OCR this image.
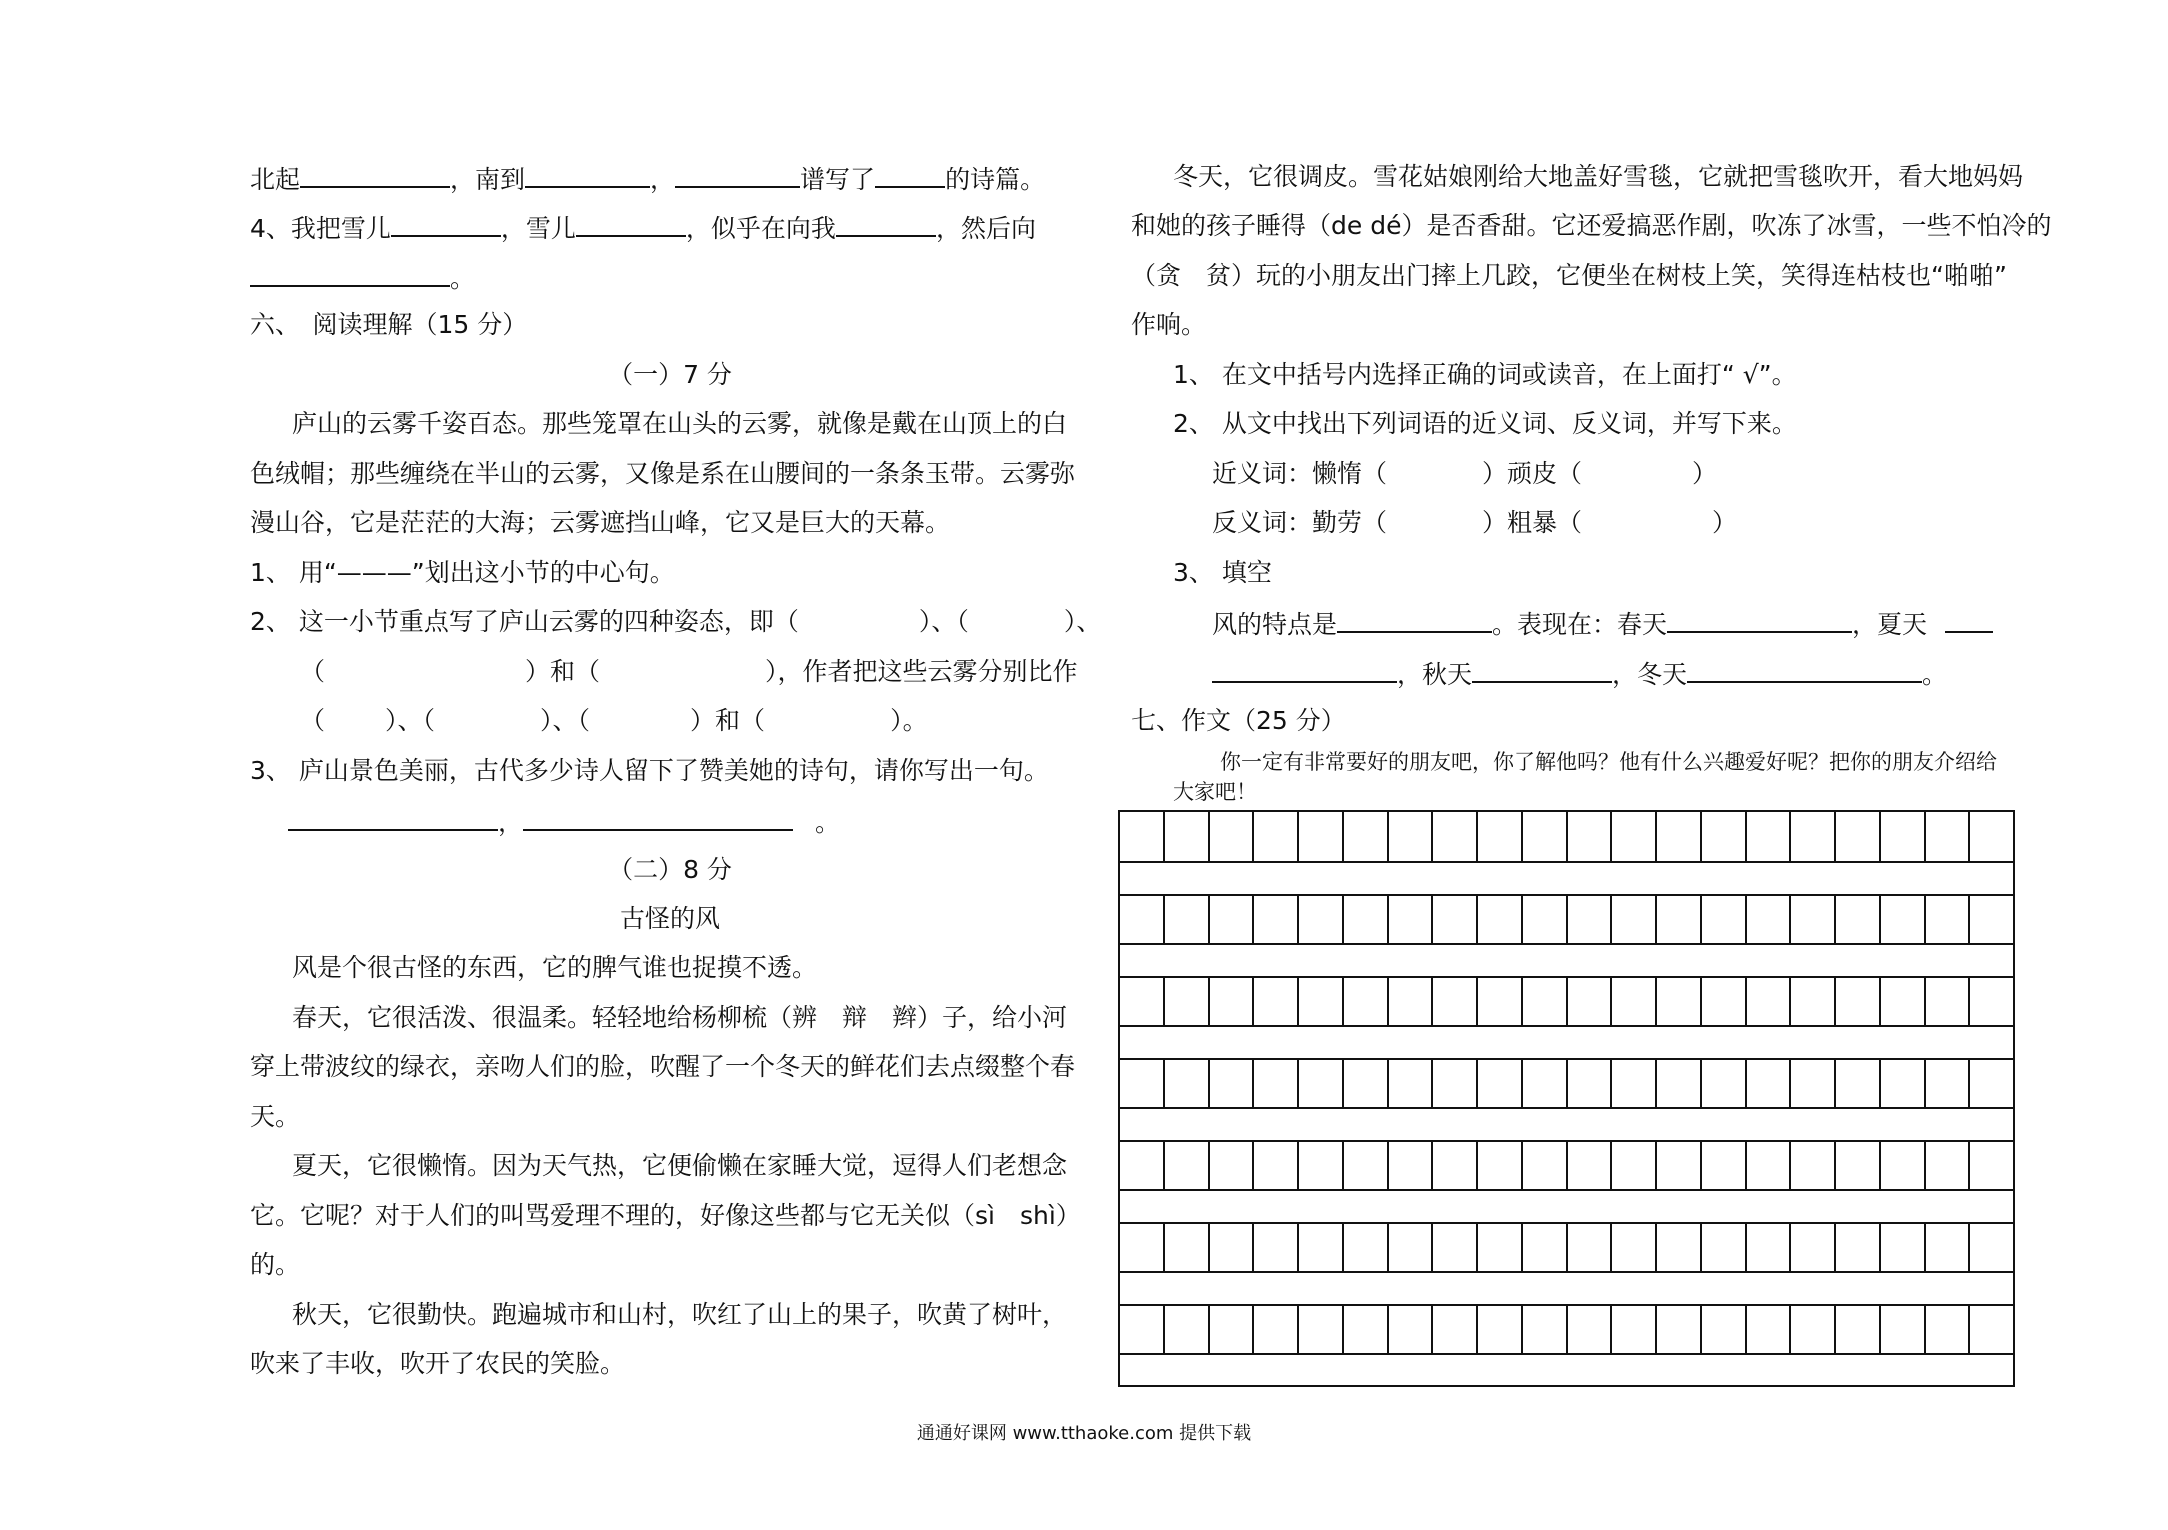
北起	，南到	，	谱写了	的诗篇。
4、我把雪儿	，雪儿	，似乎在向我	，然后向
。
六、　阅读理解（15 分）
（一）7 分
庐山的云雾千姿百态。那些笼罩在山头的云雾，就像是戴在山顶上的白
色绒帽；那些缠绕在半山的云雾，又像是系在山腰间的一条条玉带。云雾弥
漫山谷，它是茫茫的大海；云雾遮挡山峰，它又是巨大的天幕。
1、 用“———”划出这小节的中心句。
2、 这一小节重点写了庐山云雾的四种姿态，即（	）、（	）、
（	）和（	），作者把这些云雾分别比作
（ ）、（	）、（	）和（	）。
3、 庐山景色美丽，古代多少诗人留下了赞美她的诗句，请你写出一句。
，	。
（二）8 分
古怪的风
风是个很古怪的东西，它的脾气谁也捉摸不透。
春天，它很活泼、很温柔。轻轻地给杨柳梳（辨　辩　辫）子，给小河
穿上带波纹的绿衣，亲吻人们的脸，吹醒了一个冬天的鲜花们去点缀整个春
天。
夏天，它很懒惰。因为天气热，它便偷懒在家睡大觉，逗得人们老想念
它。它呢？对于人们的叫骂爱理不理的，好像这些都与它无关似（sì　shì）
的。
秋天，它很勤快。跑遍城市和山村，吹红了山上的果子，吹黄了树叶，
吹来了丰收，吹开了农民的笑脸。
冬天，它很调皮。雪花姑娘刚给大地盖好雪毯，它就把雪毯吹开，看大地妈妈
和她的孩子睡得（de dé）是否香甜。它还爱搞恶作剧，吹冻了冰雪，一些不怕冷的
（贪　贫）玩的小朋友出门摔上几跤，它便坐在树枝上笑，笑得连枯枝也“啪啪”
作响。
1、 在文中括号内选择正确的词或读音，在上面打“ √”。
2、 从文中找出下列词语的近义词、反义词，并写下来。
近义词：懒惰（	）顽皮（	）
反义词：勤劳（	）粗暴（	）
3、 填空
风的特点是	。表现在：春天	，夏天
，秋天	，冬天	。
七、作文（25 分）
你一定有非常要好的朋友吧，你了解他吗？他有什么兴趣爱好呢？把你的朋友介绍给
大家吧！
通通好课网 www.tthaoke.com 提供下载
